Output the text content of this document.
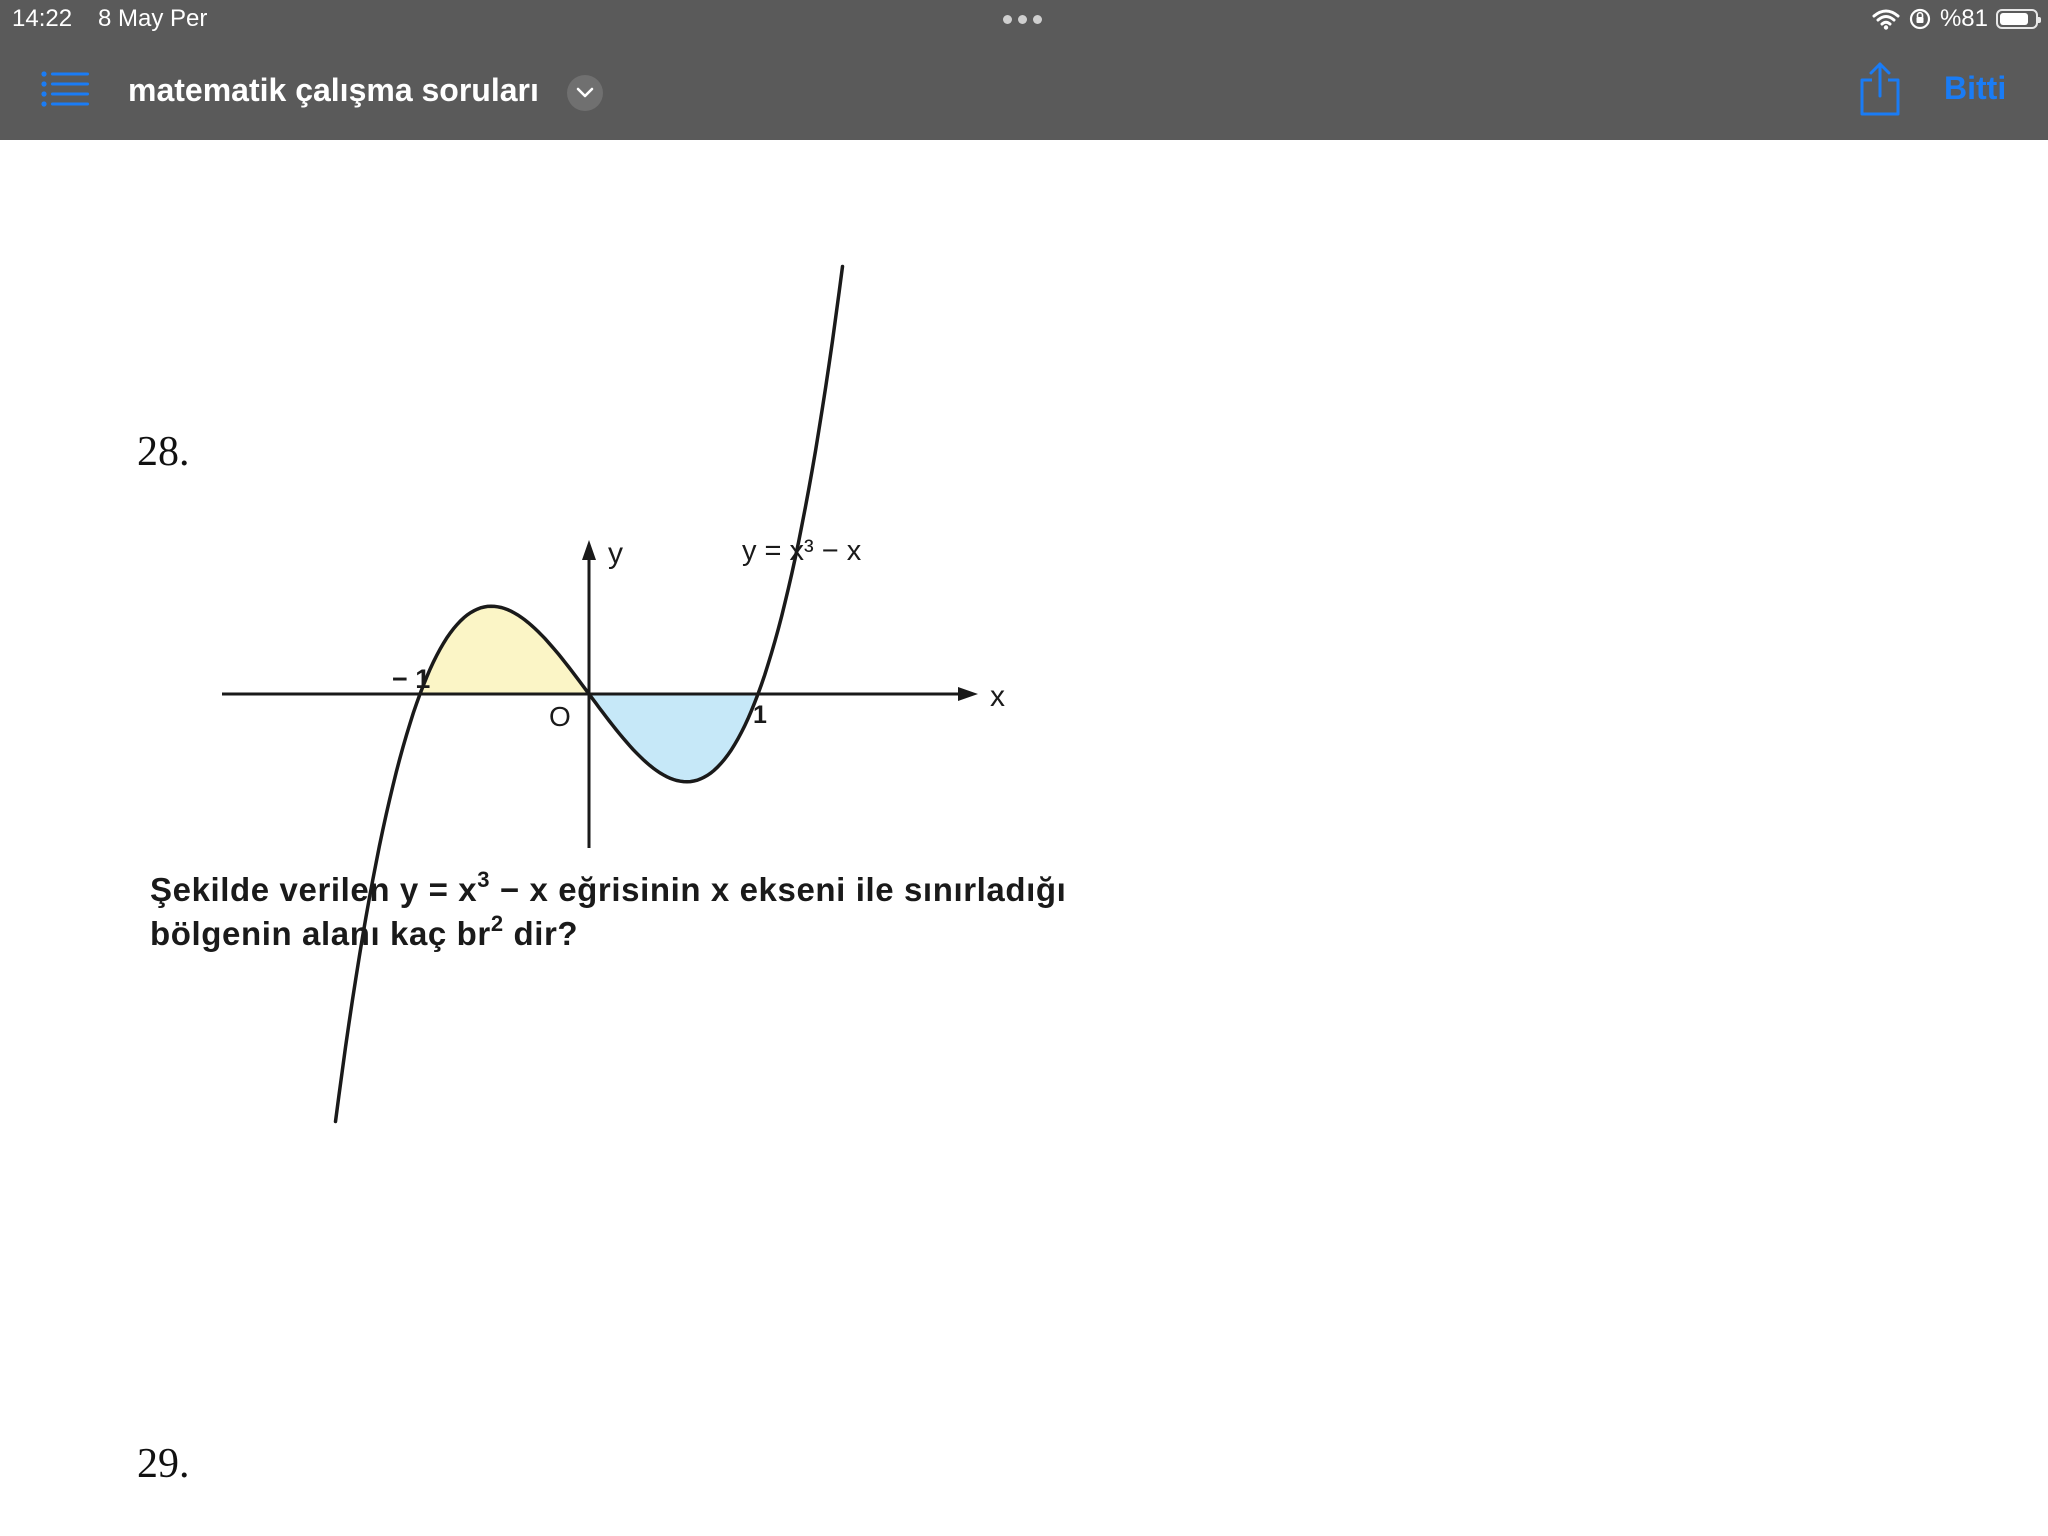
14:22 8 May Per	%81
matematik çalışma soruları	Bitti
28.
y
x
y = x³ − x
− 1
O	1
Şekilde verilen $y = x^3 - x$ eğrisinin x ekseni ile sınırladığı
bölgenin alanı kaç $br^2$ dir?
29.
